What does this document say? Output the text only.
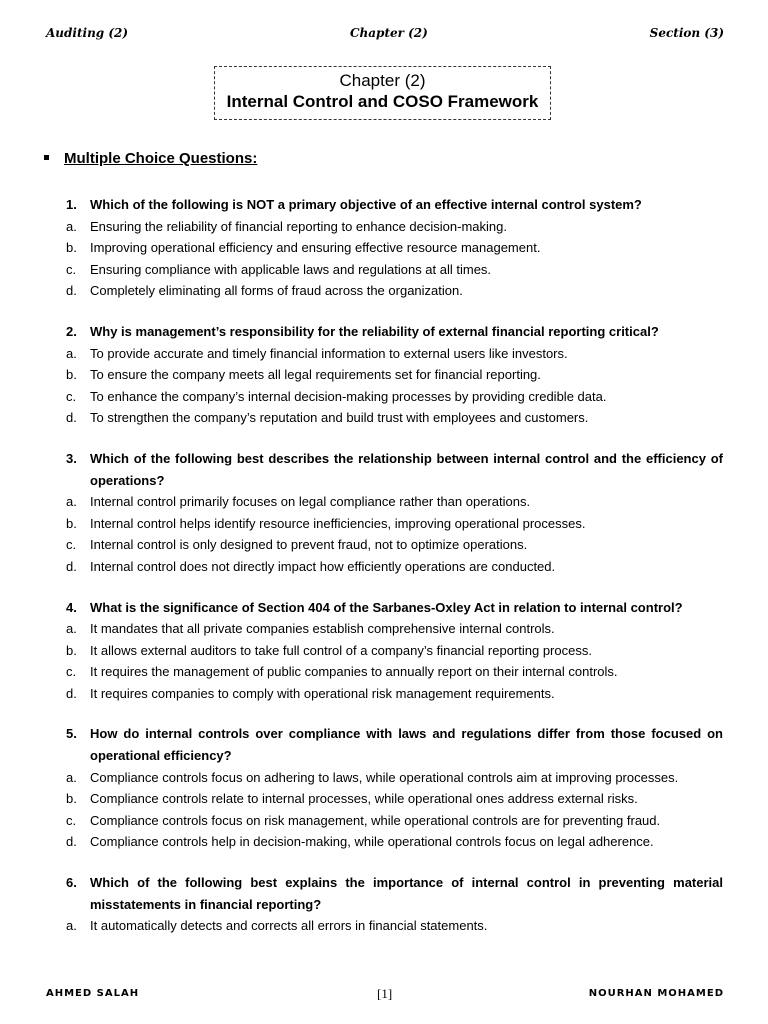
Auditing (2)	Chapter (2)	Section (3)
Chapter (2)
Internal Control and COSO Framework
Multiple Choice Questions:
1. Which of the following is NOT a primary objective of an effective internal control system?
a. Ensuring the reliability of financial reporting to enhance decision-making.
b. Improving operational efficiency and ensuring effective resource management.
c. Ensuring compliance with applicable laws and regulations at all times.
d. Completely eliminating all forms of fraud across the organization.
2. Why is management’s responsibility for the reliability of external financial reporting critical?
a. To provide accurate and timely financial information to external users like investors.
b. To ensure the company meets all legal requirements set for financial reporting.
c. To enhance the company’s internal decision-making processes by providing credible data.
d. To strengthen the company’s reputation and build trust with employees and customers.
3. Which of the following best describes the relationship between internal control and the efficiency of operations?
a. Internal control primarily focuses on legal compliance rather than operations.
b. Internal control helps identify resource inefficiencies, improving operational processes.
c. Internal control is only designed to prevent fraud, not to optimize operations.
d. Internal control does not directly impact how efficiently operations are conducted.
4. What is the significance of Section 404 of the Sarbanes-Oxley Act in relation to internal control?
a. It mandates that all private companies establish comprehensive internal controls.
b. It allows external auditors to take full control of a company’s financial reporting process.
c. It requires the management of public companies to annually report on their internal controls.
d. It requires companies to comply with operational risk management requirements.
5. How do internal controls over compliance with laws and regulations differ from those focused on operational efficiency?
a. Compliance controls focus on adhering to laws, while operational controls aim at improving processes.
b. Compliance controls relate to internal processes, while operational ones address external risks.
c. Compliance controls focus on risk management, while operational controls are for preventing fraud.
d. Compliance controls help in decision-making, while operational controls focus on legal adherence.
6. Which of the following best explains the importance of internal control in preventing material misstatements in financial reporting?
a. It automatically detects and corrects all errors in financial statements.
AHMED SALAH	[1]	NOURHAN MOHAMED
